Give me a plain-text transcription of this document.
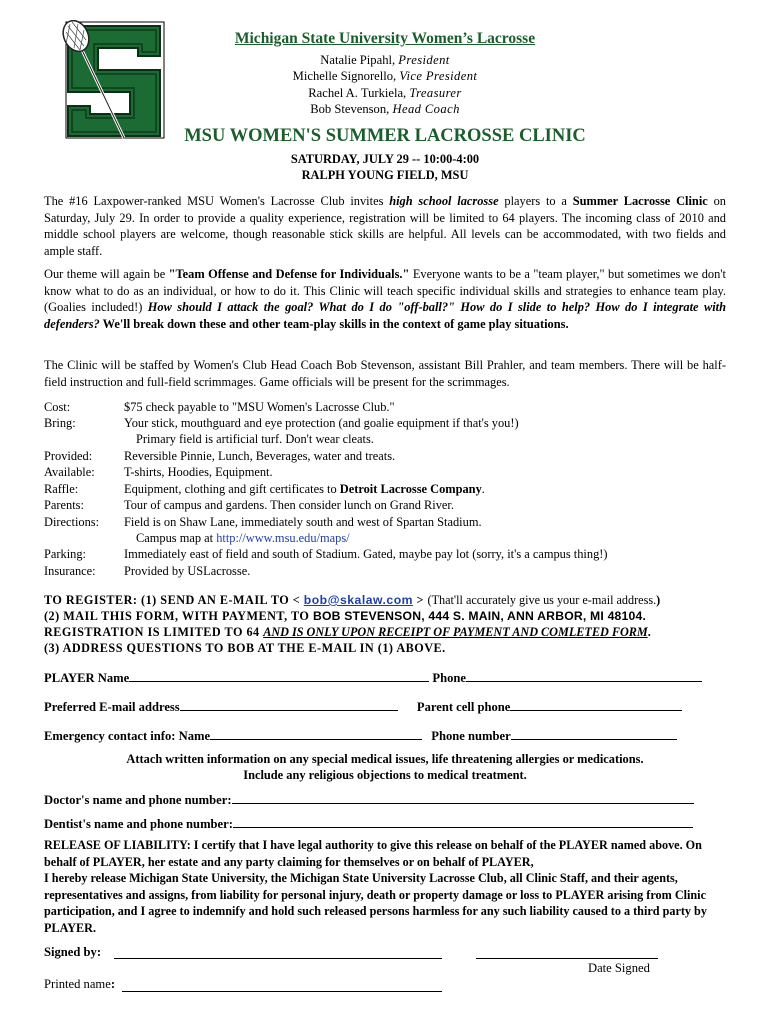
Michigan State University Women’s Lacrosse
Natalie Pipahl, President
Michelle Signorello, Vice President
Rachel A. Turkiela, Treasurer
Bob Stevenson, Head Coach
MSU WOMEN'S SUMMER LACROSSE CLINIC
SATURDAY, JULY 29 -- 10:00-4:00
RALPH YOUNG FIELD, MSU
The #16 Laxpower-ranked MSU Women's Lacrosse Club invites high school lacrosse players to a Summer Lacrosse Clinic on Saturday, July 29. In order to provide a quality experience, registration will be limited to 64 players. The incoming class of 2010 and middle school players are welcome, though reasonable stick skills are helpful. All levels can be accommodated, with two fields and ample staff.
Our theme will again be "Team Offense and Defense for Individuals." Everyone wants to be a "team player," but sometimes we don't know what to do as an individual, or how to do it. This Clinic will teach specific individual skills and strategies to enhance team play. (Goalies included!) How should I attack the goal? What do I do "off-ball?" How do I slide to help? How do I integrate with defenders? We'll break down these and other team-play skills in the context of game play situations.
The Clinic will be staffed by Women's Club Head Coach Bob Stevenson, assistant Bill Prahler, and team members. There will be half-field instruction and full-field scrimmages. Game officials will be present for the scrimmages.
Cost:	$75 check payable to "MSU Women's Lacrosse Club."
Bring:	Your stick, mouthguard and eye protection (and goalie equipment if that's you!)
Primary field is artificial turf. Don't wear cleats.
Provided:	Reversible Pinnie, Lunch, Beverages, water and treats.
Available:	T-shirts, Hoodies, Equipment.
Raffle:	Equipment, clothing and gift certificates to Detroit Lacrosse Company.
Parents:	Tour of campus and gardens. Then consider lunch on Grand River.
Directions:	Field is on Shaw Lane, immediately south and west of Spartan Stadium.
Campus map at http://www.msu.edu/maps/
Parking:	Immediately east of field and south of Stadium. Gated, maybe pay lot (sorry, it's a campus thing!)
Insurance:	Provided by USLacrosse.
TO REGISTER: (1) SEND AN E-MAIL TO < bob@skalaw.com > (That'll accurately give us your e-mail address.)
(2) MAIL THIS FORM, WITH PAYMENT, TO BOB STEVENSON, 444 S. MAIN, ANN ARBOR, MI 48104.
REGISTRATION IS LIMITED TO 64 AND IS ONLY UPON RECEIPT OF PAYMENT AND COMLETED FORM.
(3) ADDRESS QUESTIONS TO BOB AT THE E-MAIL IN (1) ABOVE.
PLAYER Name	Phone
Preferred E-mail address	Parent cell phone
Emergency contact info: Name	Phone number
Attach written information on any special medical issues, life threatening allergies or medications.
Include any religious objections to medical treatment.
Doctor's name and phone number:
Dentist's name and phone number:
RELEASE OF LIABILITY: I certify that I have legal authority to give this release on behalf of the PLAYER named above. On behalf of PLAYER, her estate and any party claiming for themselves or on behalf of PLAYER,
I hereby release Michigan State University, the Michigan State University Lacrosse Club, all Clinic Staff, and their agents, representatives and assigns, from liability for personal injury, death or property damage or loss to PLAYER arising from Clinic participation, and I agree to indemnify and hold such released persons harmless for any such liability caused to a third party by PLAYER.
Signed by:
Date Signed
Printed name:
